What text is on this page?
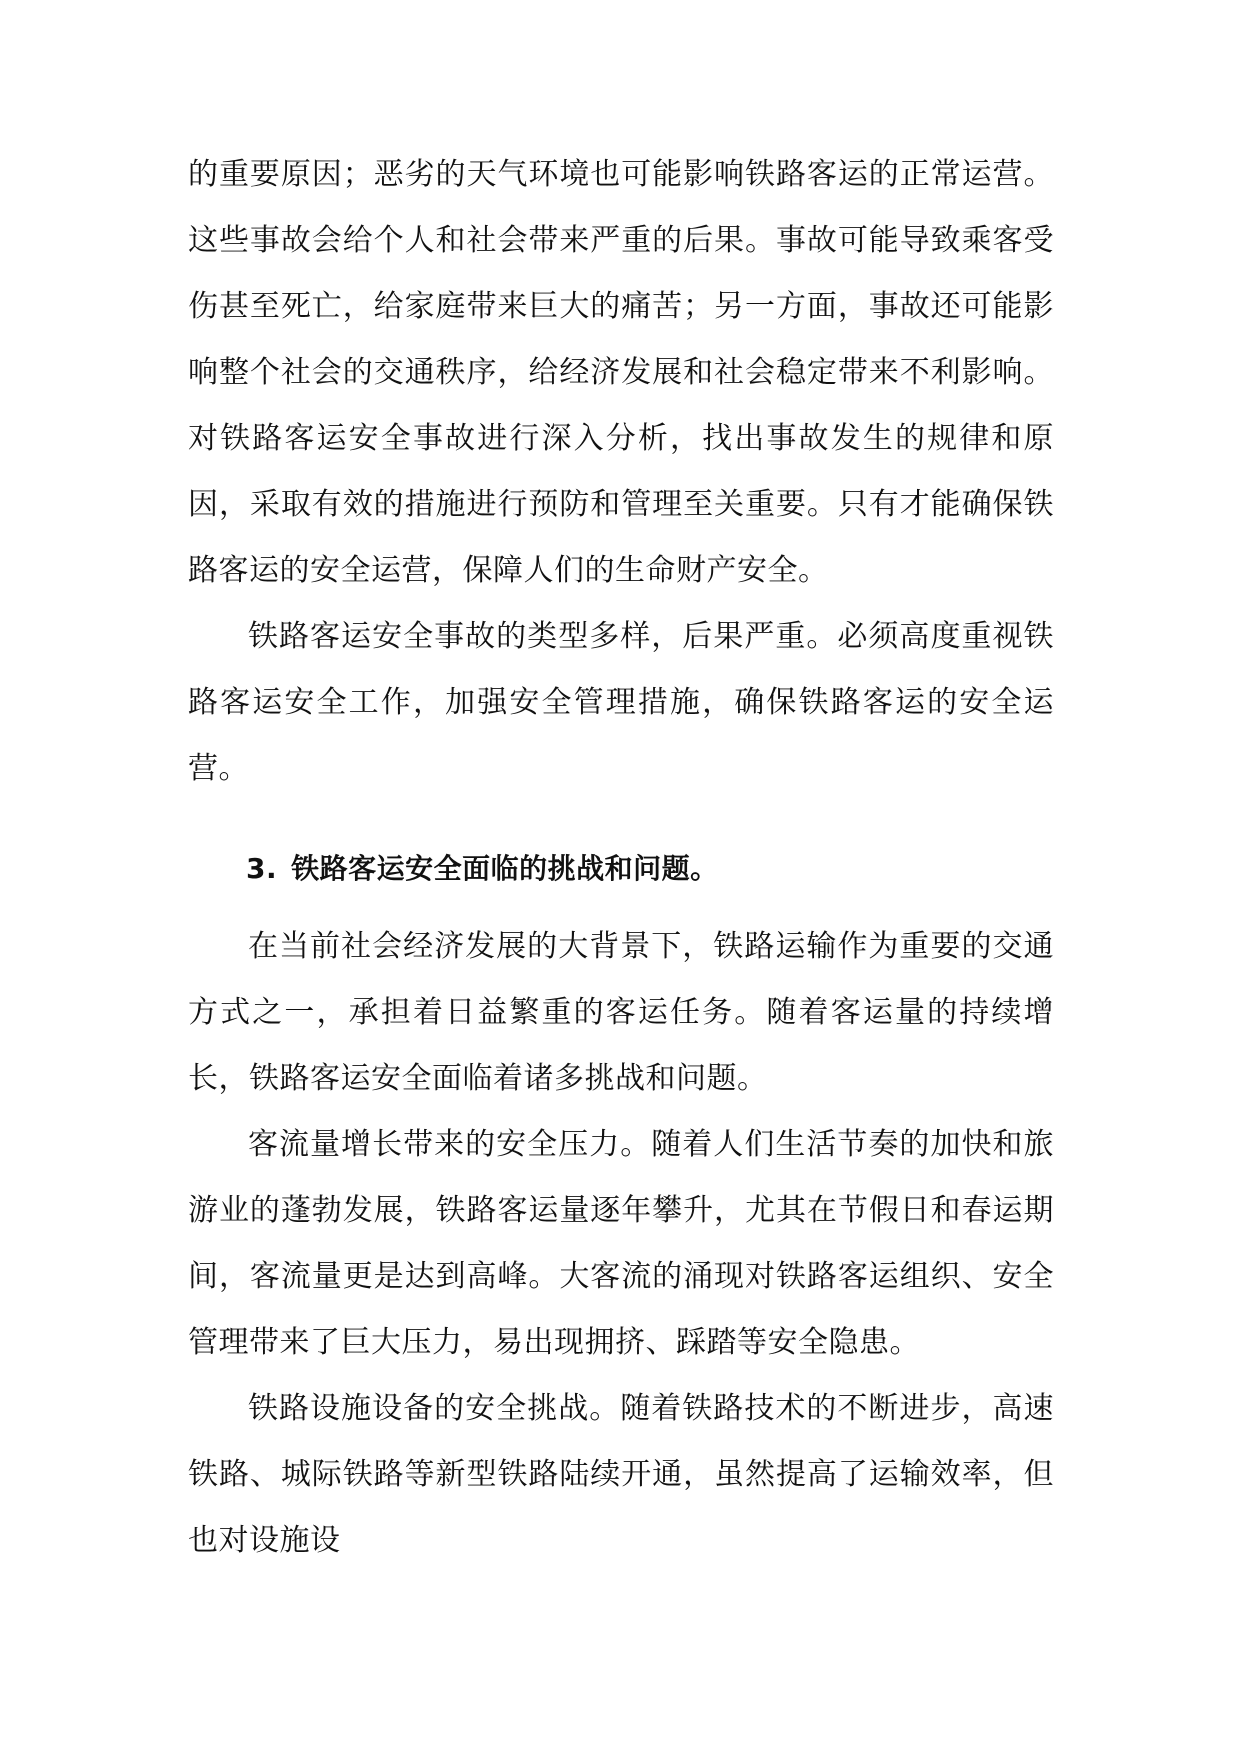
的重要原因；恶劣的天气环境也可能影响铁路客运的正常运营。这些事故会给个人和社会带来严重的后果。事故可能导致乘客受伤甚至死亡，给家庭带来巨大的痛苦；另一方面，事故还可能影响整个社会的交通秩序，给经济发展和社会稳定带来不利影响。对铁路客运安全事故进行深入分析，找出事故发生的规律和原因，采取有效的措施进行预防和管理至关重要。只有才能确保铁路客运的安全运营，保障人们的生命财产安全。

铁路客运安全事故的类型多样，后果严重。必须高度重视铁路客运安全工作，加强安全管理措施，确保铁路客运的安全运营。

3. 铁路客运安全面临的挑战和问题。

在当前社会经济发展的大背景下，铁路运输作为重要的交通方式之一，承担着日益繁重的客运任务。随着客运量的持续增长，铁路客运安全面临着诸多挑战和问题。

客流量增长带来的安全压力。随着人们生活节奏的加快和旅游业的蓬勃发展，铁路客运量逐年攀升，尤其在节假日和春运期间，客流量更是达到高峰。大客流的涌现对铁路客运组织、安全管理带来了巨大压力，易出现拥挤、踩踏等安全隐患。

铁路设施设备的安全挑战。随着铁路技术的不断进步，高速铁路、城际铁路等新型铁路陆续开通，虽然提高了运输效率，但也对设施设
